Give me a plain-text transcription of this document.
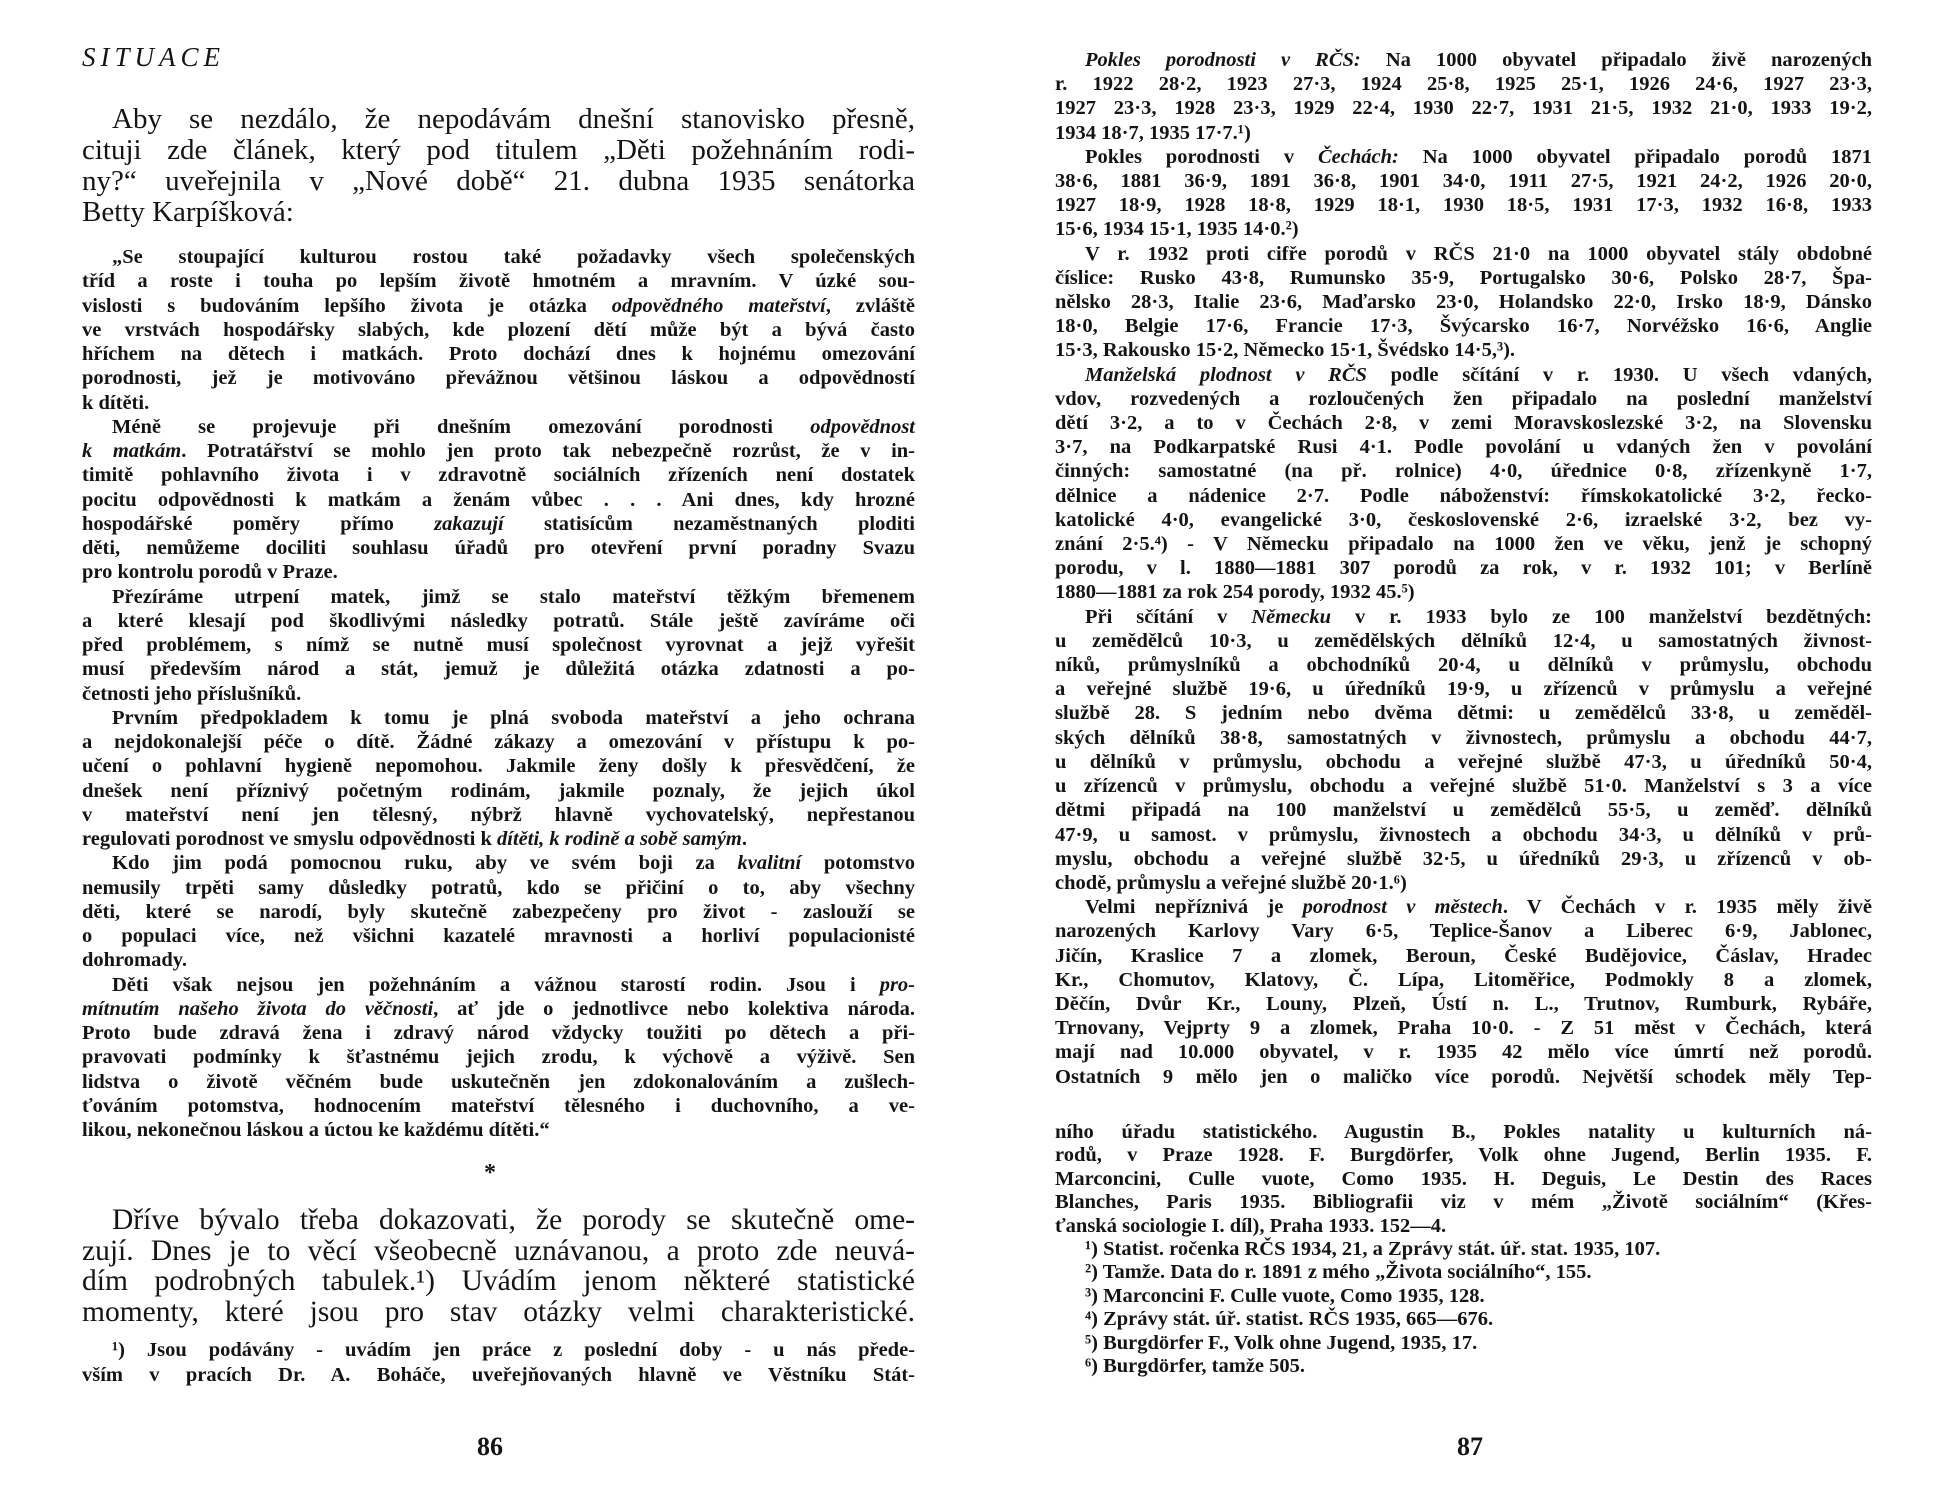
SITUACE
Aby se nezdálo, že nepodávám dnešní stanovisko přesně,
cituji zde článek, který pod titulem „Děti požehnáním rodi-
ny?“ uveřejnila v „Nové době“ 21. dubna 1935 senátorka
Betty Karpíšková:
„Se stoupající kulturou rostou také požadavky všech společenských
tříd a roste i touha po lepším životě hmotném a mravním. V úzké sou-
vislosti s budováním lepšího života je otázka odpovědného mateřství, zvláště
ve vrstvách hospodářsky slabých, kde plození dětí může být a bývá často
hříchem na dětech i matkách. Proto dochází dnes k hojnému omezování
porodnosti, jež je motivováno převážnou většinou láskou a odpovědností
k dítěti.
Méně se projevuje při dnešním omezování porodnosti odpovědnost
k matkám. Potratářství se mohlo jen proto tak nebezpečně rozrůst, že v in-
timitě pohlavního života i v zdravotně sociálních zřízeních není dostatek
pocitu odpovědnosti k matkám a ženám vůbec . . . Ani dnes, kdy hrozné
hospodářské poměry přímo zakazují statisícům nezaměstnaných ploditi
děti, nemůžeme dociliti souhlasu úřadů pro otevření první poradny Svazu
pro kontrolu porodů v Praze.
Přezíráme utrpení matek, jimž se stalo mateřství těžkým břemenem
a které klesají pod škodlivými následky potratů. Stále ještě zavíráme oči
před problémem, s nímž se nutně musí společnost vyrovnat a jejž vyřešit
musí především národ a stát, jemuž je důležitá otázka zdatnosti a po-
četnosti jeho příslušníků.
Prvním předpokladem k tomu je plná svoboda mateřství a jeho ochrana
a nejdokonalejší péče o dítě. Žádné zákazy a omezování v přístupu k po-
učení o pohlavní hygieně nepomohou. Jakmile ženy došly k přesvědčení, že
dnešek není příznivý početným rodinám, jakmile poznaly, že jejich úkol
v mateřství není jen tělesný, nýbrž hlavně vychovatelský, nepřestanou
regulovati porodnost ve smyslu odpovědnosti k dítěti, k rodině a sobě samým.
Kdo jim podá pomocnou ruku, aby ve svém boji za kvalitní potomstvo
nemusily trpěti samy důsledky potratů, kdo se přičiní o to, aby všechny
děti, které se narodí, byly skutečně zabezpečeny pro život - zaslouží se
o populaci více, než všichni kazatelé mravnosti a horliví populacionisté
dohromady.
Děti však nejsou jen požehnáním a vážnou starostí rodin. Jsou i pro-
mítnutím našeho života do věčnosti, ať jde o jednotlivce nebo kolektiva národa.
Proto bude zdravá žena i zdravý národ vždycky toužiti po dětech a při-
pravovati podmínky k šťastnému jejich zrodu, k výchově a výživě. Sen
lidstva o životě věčném bude uskutečněn jen zdokonalováním a zušlech-
ťováním potomstva, hodnocením mateřství tělesného i duchovního, a ve-
likou, nekonečnou láskou a úctou ke každému dítěti.“
*
Dříve bývalo třeba dokazovati, že porody se skutečně ome-
zují. Dnes je to věcí všeobecně uznávanou, a proto zde neuvá-
dím podrobných tabulek.¹) Uvádím jenom některé statistické
momenty, které jsou pro stav otázky velmi charakteristické.
¹) Jsou podávány - uvádím jen práce z poslední doby - u nás přede-
vším v pracích Dr. A. Boháče, uveřejňovaných hlavně ve Věstníku Stát-
86
Pokles porodnosti v RČS: Na 1000 obyvatel připadalo živě narozených
r. 1922 28·2, 1923 27·3, 1924 25·8, 1925 25·1, 1926 24·6, 1927 23·3,
1927 23·3, 1928 23·3, 1929 22·4, 1930 22·7, 1931 21·5, 1932 21·0, 1933 19·2,
1934 18·7, 1935 17·7.¹)
Pokles porodnosti v Čechách: Na 1000 obyvatel připadalo porodů 1871
38·6, 1881 36·9, 1891 36·8, 1901 34·0, 1911 27·5, 1921 24·2, 1926 20·0,
1927 18·9, 1928 18·8, 1929 18·1, 1930 18·5, 1931 17·3, 1932 16·8, 1933
15·6, 1934 15·1, 1935 14·0.²)
V r. 1932 proti cifře porodů v RČS 21·0 na 1000 obyvatel stály obdobné
číslice: Rusko 43·8, Rumunsko 35·9, Portugalsko 30·6, Polsko 28·7, Špa-
nělsko 28·3, Italie 23·6, Maďarsko 23·0, Holandsko 22·0, Irsko 18·9, Dánsko
18·0, Belgie 17·6, Francie 17·3, Švýcarsko 16·7, Norvéžsko 16·6, Anglie
15·3, Rakousko 15·2, Německo 15·1, Švédsko 14·5,³).
Manželská plodnost v RČS podle sčítání v r. 1930. U všech vdaných,
vdov, rozvedených a rozloučených žen připadalo na poslední manželství
dětí 3·2, a to v Čechách 2·8, v zemi Moravskoslezské 3·2, na Slovensku
3·7, na Podkarpatské Rusi 4·1. Podle povolání u vdaných žen v povolání
činných: samostatné (na př. rolnice) 4·0, úřednice 0·8, zřízenkyně 1·7,
dělnice a nádenice 2·7. Podle náboženství: římskokatolické 3·2, řecko-
katolické 4·0, evangelické 3·0, československé 2·6, izraelské 3·2, bez vy-
znání 2·5.⁴) - V Německu připadalo na 1000 žen ve věku, jenž je schopný
porodu, v l. 1880—1881 307 porodů za rok, v r. 1932 101; v Berlíně
1880—1881 za rok 254 porody, 1932 45.⁵)
Při sčítání v Německu v r. 1933 bylo ze 100 manželství bezdětných:
u zemědělců 10·3, u zemědělských dělníků 12·4, u samostatných živnost-
níků, průmyslníků a obchodníků 20·4, u dělníků v průmyslu, obchodu
a veřejné službě 19·6, u úředníků 19·9, u zřízenců v průmyslu a veřejné
službě 28. S jedním nebo dvěma dětmi: u zemědělců 33·8, u zeměděl-
ských dělníků 38·8, samostatných v živnostech, průmyslu a obchodu 44·7,
u dělníků v průmyslu, obchodu a veřejné službě 47·3, u úředníků 50·4,
u zřízenců v průmyslu, obchodu a veřejné službě 51·0. Manželství s 3 a více
dětmi připadá na 100 manželství u zemědělců 55·5, u zeměď. dělníků
47·9, u samost. v průmyslu, živnostech a obchodu 34·3, u dělníků v prů-
myslu, obchodu a veřejné službě 32·5, u úředníků 29·3, u zřízenců v ob-
chodě, průmyslu a veřejné službě 20·1.⁶)
Velmi nepříznivá je porodnost v městech. V Čechách v r. 1935 měly živě
narozených Karlovy Vary 6·5, Teplice-Šanov a Liberec 6·9, Jablonec,
Jičín, Kraslice 7 a zlomek, Beroun, České Budějovice, Čáslav, Hradec
Kr., Chomutov, Klatovy, Č. Lípa, Litoměřice, Podmokly 8 a zlomek,
Děčín, Dvůr Kr., Louny, Plzeň, Ústí n. L., Trutnov, Rumburk, Rybáře,
Trnovany, Vejprty 9 a zlomek, Praha 10·0. - Z 51 měst v Čechách, která
mají nad 10.000 obyvatel, v r. 1935 42 mělo více úmrtí než porodů.
Ostatních 9 mělo jen o maličko více porodů. Největší schodek měly Tep-
ního úřadu statistického. Augustin B., Pokles natality u kulturních ná-
rodů, v Praze 1928. F. Burgdörfer, Volk ohne Jugend, Berlin 1935. F.
Marconcini, Culle vuote, Como 1935. H. Deguis, Le Destin des Races
Blanches, Paris 1935. Bibliografii viz v mém „Životě sociálním“ (Křes-
ťanská sociologie I. díl), Praha 1933. 152—4.
¹) Statist. ročenka RČS 1934, 21, a Zprávy stát. úř. stat. 1935, 107.
²) Tamže. Data do r. 1891 z mého „Života sociálního“, 155.
³) Marconcini F. Culle vuote, Como 1935, 128.
⁴) Zprávy stát. úř. statist. RČS 1935, 665—676.
⁵) Burgdörfer F., Volk ohne Jugend, 1935, 17.
⁶) Burgdörfer, tamže 505.
87
